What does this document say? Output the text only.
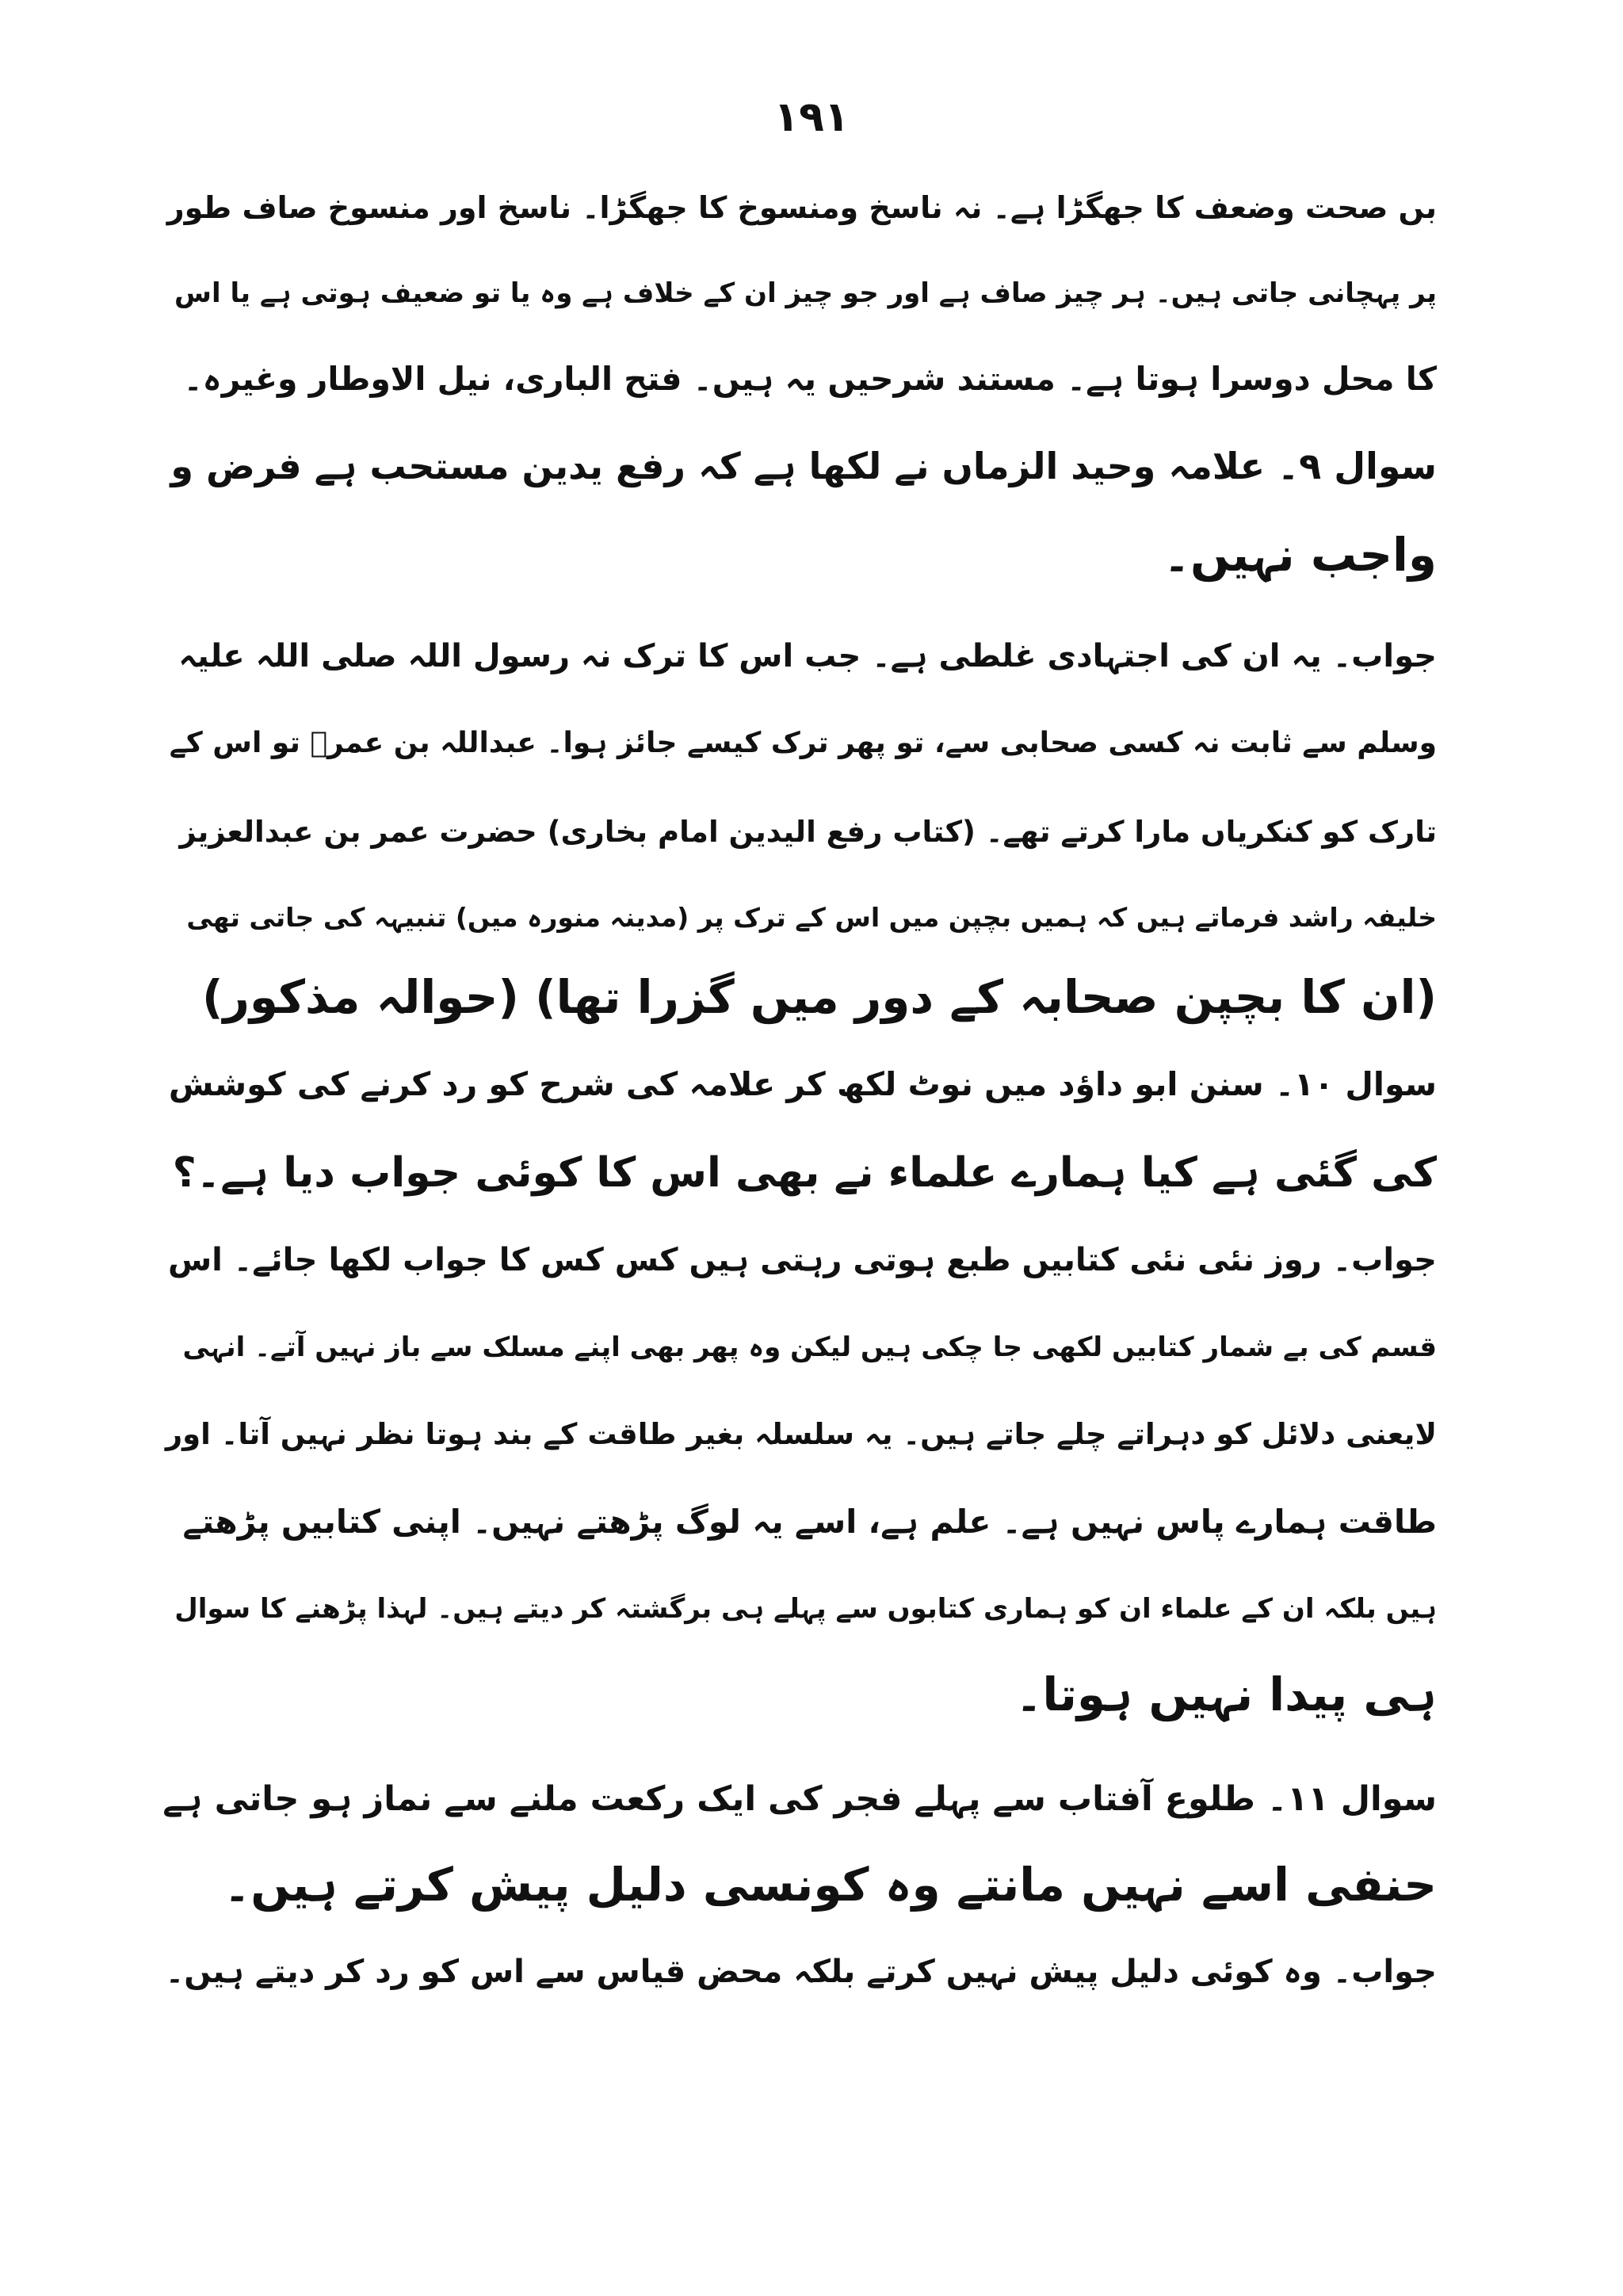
١٩١
بں صحت وضعف کا جھگڑا ہے۔ نہ ناسخ ومنسوخ کا جھگڑا۔ ناسخ اور منسوخ صاف طور
پر پہچانی جاتی ہیں۔ ہر چیز صاف ہے اور جو چیز ان کے خلاف ہے وہ یا تو ضعیف ہوتی ہے یا اس
کا محل دوسرا ہوتا ہے۔ مستند شرحیں یہ ہیں۔ فتح الباری، نیل الاوطار وغیرہ۔
سوال ۹۔ علامہ وحید الزماں نے لکھا ہے کہ رفع یدین مستحب ہے فرض و
واجب نہیں۔
جواب۔ یہ ان کی اجتہادی غلطی ہے۔ جب اس کا ترک نہ رسول اللہ صلی اللہ علیہ
وسلم سے ثابت نہ کسی صحابی سے، تو پھر ترک کیسے جائز ہوا۔ عبداللہ بن عمرؓ تو اس کے
تارک کو کنکریاں مارا کرتے تھے۔ (کتاب رفع الیدین امام بخاری) حضرت عمر بن عبدالعزیز
خلیفہ راشد فرماتے ہیں کہ ہمیں بچپن میں اس کے ترک پر (مدینہ منورہ میں) تنبیہہ کی جاتی تھی
(ان کا بچپن صحابہ کے دور میں گزرا تھا) (حوالہ مذکور)
سوال ۱۰۔ سنن ابو داؤد میں نوٹ لکھ کر علامہ کی شرح کو رد کرنے کی کوشش
کی گئی ہے کیا ہمارے علماء نے بھی اس کا کوئی جواب دیا ہے۔؟
جواب۔ روز نئی نئی کتابیں طبع ہوتی رہتی ہیں کس کس کا جواب لکھا جائے۔ اس
قسم کی بے شمار کتابیں لکھی جا چکی ہیں لیکن وہ پھر بھی اپنے مسلک سے باز نہیں آتے۔ انہی
لایعنی دلائل کو دہراتے چلے جاتے ہیں۔ یہ سلسلہ بغیر طاقت کے بند ہوتا نظر نہیں آتا۔ اور
طاقت ہمارے پاس نہیں ہے۔ علم ہے، اسے یہ لوگ پڑھتے نہیں۔ اپنی کتابیں پڑھتے
ہیں بلکہ ان کے علماء ان کو ہماری کتابوں سے پہلے ہی برگشتہ کر دیتے ہیں۔ لہذا پڑھنے کا سوال
ہی پیدا نہیں ہوتا۔
سوال ۱۱۔ طلوع آفتاب سے پہلے فجر کی ایک رکعت ملنے سے نماز ہو جاتی ہے
حنفی اسے نہیں مانتے وہ کونسی دلیل پیش کرتے ہیں۔
جواب۔ وہ کوئی دلیل پیش نہیں کرتے بلکہ محض قیاس سے اس کو رد کر دیتے ہیں۔
